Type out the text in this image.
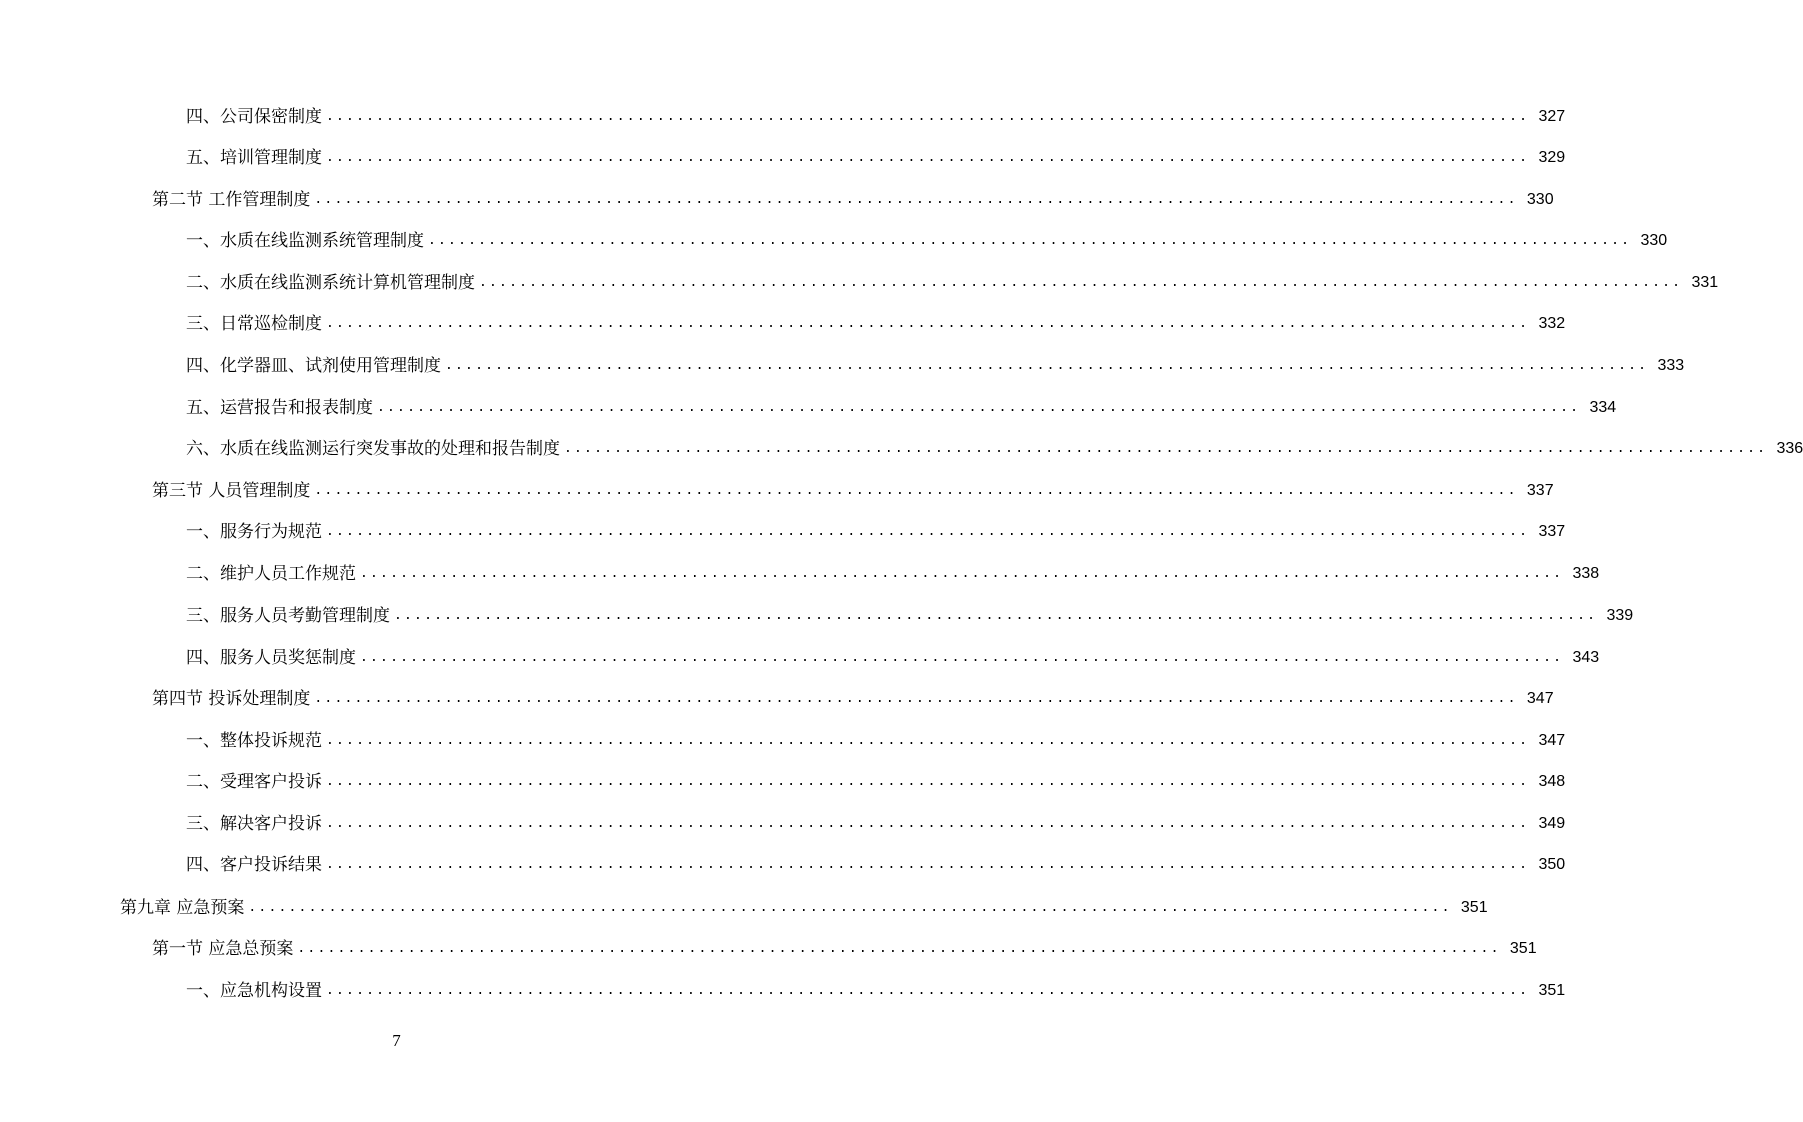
四、公司保密制度 ........................................................................................................................ 327
五、培训管理制度 ........................................................................................................................ 329
第二节 工作管理制度 ........................................................................................................................ 330
一、水质在线监测系统管理制度 ........................................................................................................................ 330
二、水质在线监测系统计算机管理制度 ........................................................................................................................ 331
三、日常巡检制度 ........................................................................................................................ 332
四、化学器皿、试剂使用管理制度 ........................................................................................................................ 333
五、运营报告和报表制度 ........................................................................................................................ 334
六、水质在线监测运行突发事故的处理和报告制度 ........................................................................................................................ 336
第三节 人员管理制度 ........................................................................................................................ 337
一、服务行为规范 ........................................................................................................................ 337
二、维护人员工作规范 ........................................................................................................................ 338
三、服务人员考勤管理制度 ........................................................................................................................ 339
四、服务人员奖惩制度 ........................................................................................................................ 343
第四节 投诉处理制度 ........................................................................................................................ 347
一、整体投诉规范 ........................................................................................................................ 347
二、受理客户投诉 ........................................................................................................................ 348
三、解决客户投诉 ........................................................................................................................ 349
四、客户投诉结果 ........................................................................................................................ 350
第九章 应急预案 ........................................................................................................................ 351
第一节 应急总预案 ........................................................................................................................ 351
一、应急机构设置 ........................................................................................................................ 351
7
